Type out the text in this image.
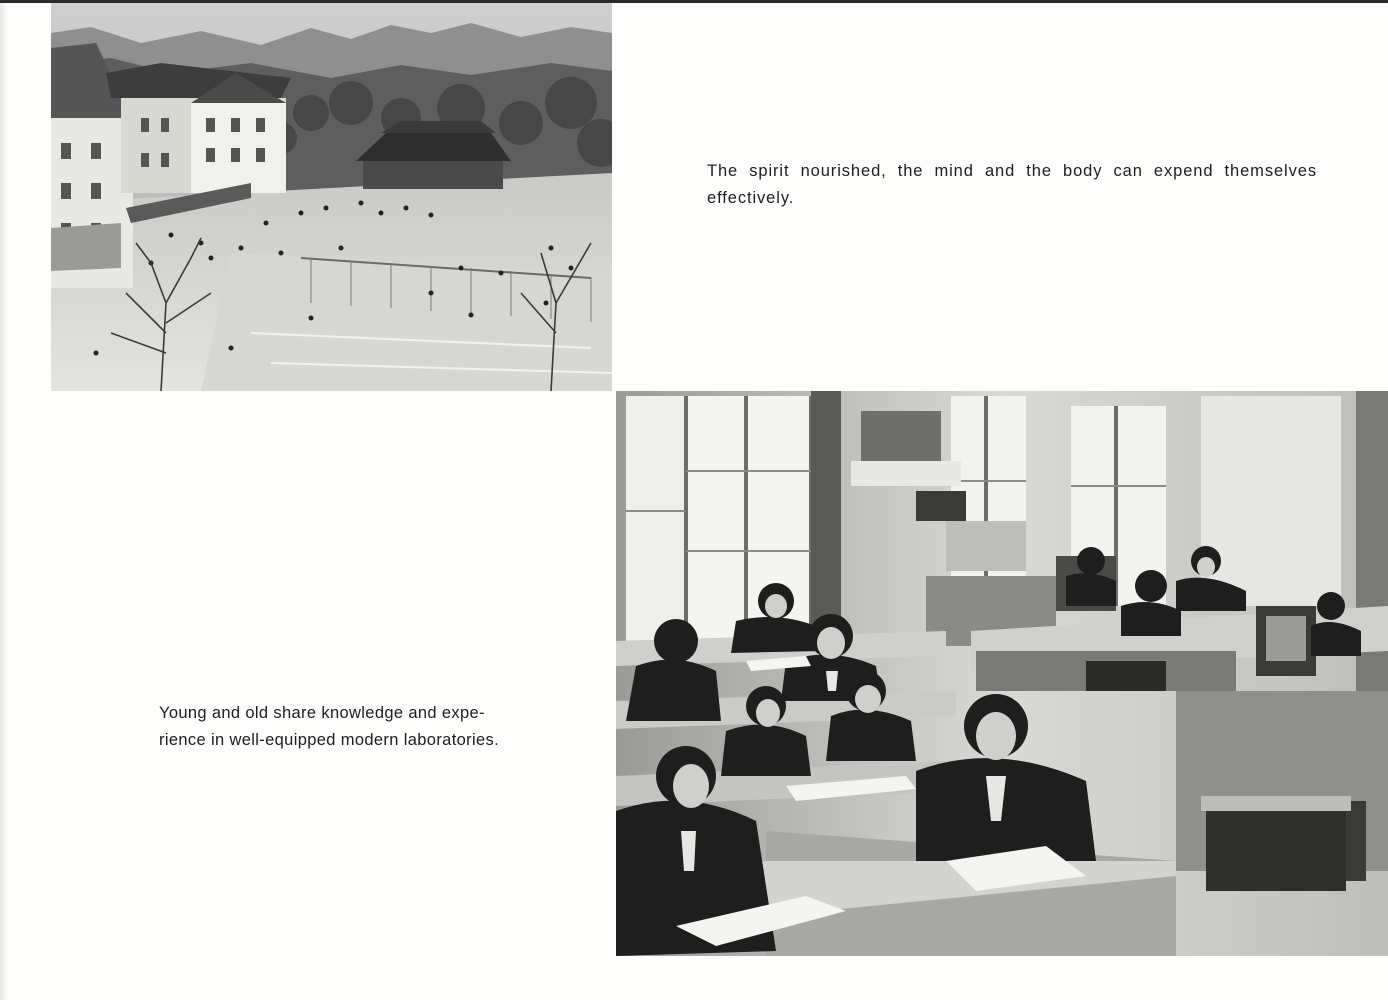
The spirit nourished, the mind and the body can expend themselves effectively.
Young and old share knowledge and expe-
rience in well-equipped modern laboratories.
